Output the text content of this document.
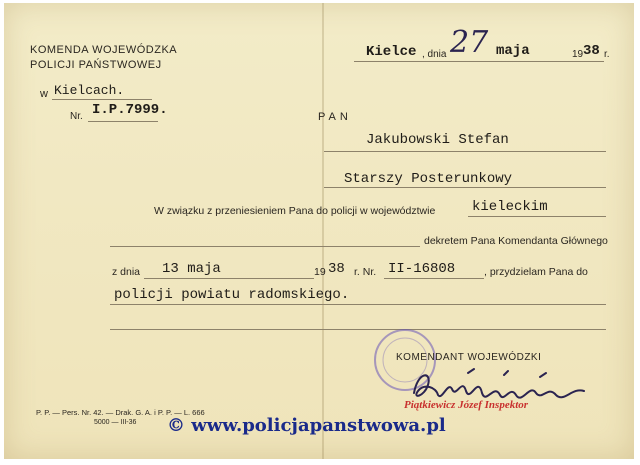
KOMENDA WOJEWÓDZKA
POLICJI PAŃSTWOWEJ
w Kielcach.
Nr. I.P.7999.
Kielce , dnia 27 maja	19 38 r.
PAN
Jakubowski Stefan
Starszy Posterunkowy
W związku z przeniesieniem Pana do policji w województwie	kieleckim
dekretem Pana Komendanta Głównego
z dnia 13 maja	19 38 r. Nr. II-16808	, przydzielam Pana do
policji powiatu radomskiego.
KOMENDANT WOJEWÓDZKI
Piątkiewicz Józef Inspektor
P. P. — Pers. Nr. 42. — Drak. G. A. i P. P. — L. 666
5000 — III-36 © www.policjapanstwowa.pl
